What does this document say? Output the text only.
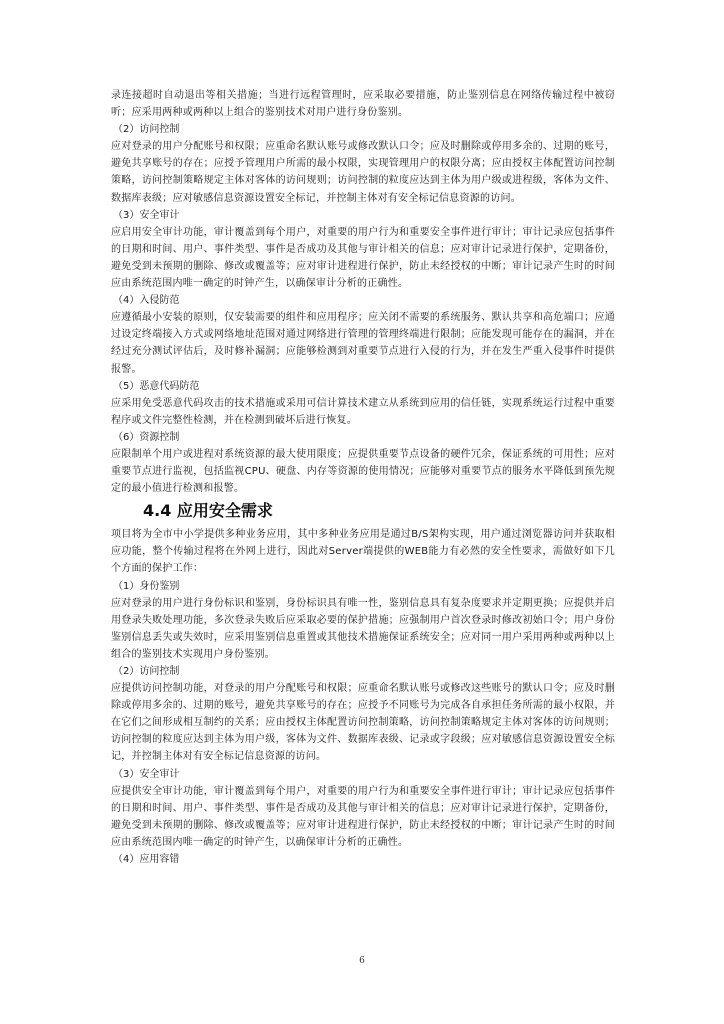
录连接超时自动退出等相关措施；当进行远程管理时，应采取必要措施，防止鉴别信息在网络传输过程中被窃听；应采用两种或两种以上组合的鉴别技术对用户进行身份鉴别。

（2）访问控制

应对登录的用户分配账号和权限；应重命名默认账号或修改默认口令；应及时删除或停用多余的、过期的账号，避免共享账号的存在；应授予管理用户所需的最小权限，实现管理用户的权限分离；应由授权主体配置访问控制策略，访问控制策略规定主体对客体的访问规则；访问控制的粒度应达到主体为用户级或进程级，客体为文件、数据库表级；应对敏感信息资源设置安全标记，并控制主体对有安全标记信息资源的访问。

（3）安全审计

应启用安全审计功能，审计覆盖到每个用户，对重要的用户行为和重要安全事件进行审计；审计记录应包括事件的日期和时间、用户、事件类型、事件是否成功及其他与审计相关的信息；应对审计记录进行保护，定期备份，避免受到未预期的删除、修改或覆盖等；应对审计进程进行保护，防止未经授权的中断；审计记录产生时的时间应由系统范围内唯一确定的时钟产生，以确保审计分析的正确性。

（4）入侵防范

应遵循最小安装的原则，仅安装需要的组件和应用程序；应关闭不需要的系统服务、默认共享和高危端口；应通过设定终端接入方式或网络地址范围对通过网络进行管理的管理终端进行限制；应能发现可能存在的漏洞，并在经过充分测试评估后，及时修补漏洞；应能够检测到对重要节点进行入侵的行为，并在发生严重入侵事件时提供报警。

（5）恶意代码防范

应采用免受恶意代码攻击的技术措施或采用可信计算技术建立从系统到应用的信任链，实现系统运行过程中重要程序或文件完整性检测，并在检测到破坏后进行恢复。

（6）资源控制

应限制单个用户或进程对系统资源的最大使用限度；应提供重要节点设备的硬件冗余，保证系统的可用性；应对重要节点进行监视，包括监视CPU、硬盘、内存等资源的使用情况；应能够对重要节点的服务水平降低到预先规定的最小值进行检测和报警。

4.4 应用安全需求

项目将为全市中小学提供多种业务应用，其中多种业务应用是通过B/S架构实现，用户通过浏览器访问并获取相应功能，整个传输过程将在外网上进行，因此对Server端提供的WEB能力有必然的安全性要求，需做好如下几个方面的保护工作：

（1）身份鉴别

应对登录的用户进行身份标识和鉴别，身份标识具有唯一性，鉴别信息具有复杂度要求并定期更换；应提供并启用登录失败处理功能，多次登录失败后应采取必要的保护措施；应强制用户首次登录时修改初始口令；用户身份鉴别信息丢失或失效时，应采用鉴别信息重置或其他技术措施保证系统安全；应对同一用户采用两种或两种以上组合的鉴别技术实现用户身份鉴别。

（2）访问控制

应提供访问控制功能，对登录的用户分配账号和权限；应重命名默认账号或修改这些账号的默认口令；应及时删除或停用多余的、过期的账号，避免共享账号的存在；应授予不同账号为完成各自承担任务所需的最小权限，并在它们之间形成相互制约的关系；应由授权主体配置访问控制策略，访问控制策略规定主体对客体的访问规则；访问控制的粒度应达到主体为用户级，客体为文件、数据库表级、记录或字段级；应对敏感信息资源设置安全标记，并控制主体对有安全标记信息资源的访问。

（3）安全审计

应提供安全审计功能，审计覆盖到每个用户，对重要的用户行为和重要安全事件进行审计；审计记录应包括事件的日期和时间、用户、事件类型、事件是否成功及其他与审计相关的信息；应对审计记录进行保护，定期备份，避免受到未预期的删除、修改或覆盖等；应对审计进程进行保护，防止未经授权的中断；审计记录产生时的时间应由系统范围内唯一确定的时钟产生，以确保审计分析的正确性。

（4）应用容错

6
